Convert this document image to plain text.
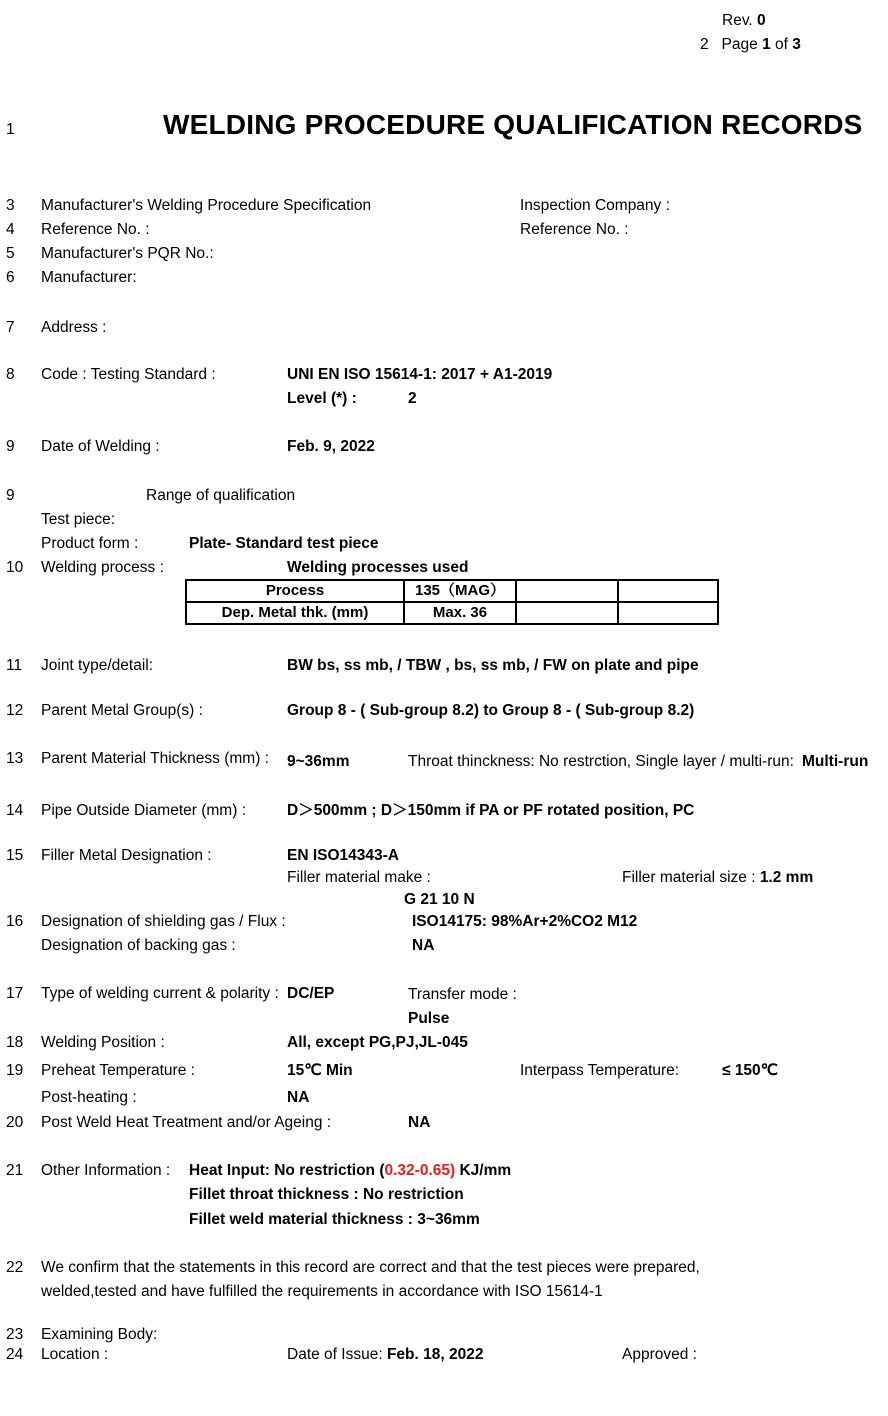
Rev. 0
2 Page 1 of 3
1	WELDING PROCEDURE QUALIFICATION RECORDS
3
4
5
6
7
8
9
9
10
11
12
13
14
15
16
17
18
19
20
21
22
23
24
Manufacturer's Welding Procedure Specification	Inspection Company :
Reference No. :	Reference No. :
Manufacturer's PQR No.:
Manufacturer:
Address :
Code : Testing Standard :	UNI EN ISO 15614-1: 2017 + A1-2019
Level (*) :	2
Date of Welding :	Feb. 9, 2022
Range of qualification
Test piece:
Product form :	Plate- Standard test piece
Welding process :	Welding processes used
Process	135（MAG）		
Dep. Metal thk. (mm)	Max. 36		
Joint type/detail:	BW bs, ss mb, / TBW , bs, ss mb, / FW on plate and pipe
Parent Metal Group(s) :	Group 8 - ( Sub-group 8.2) to Group 8 - ( Sub-group 8.2)
Parent Material Thickness (mm) : 9~36mm	Throat thinckness: No restrction, Single layer / multi-run: Multi-run
Pipe Outside Diameter (mm) :	D＞500mm ; D＞150mm if PA or PF rotated position, PC
Filler Metal Designation :	EN ISO14343-A
Filler material make :	Filler material size : 1.2 mm
G 21 10 N
Designation of shielding gas / Flux :	ISO14175: 98%Ar+2%CO2 M12
Designation of backing gas :	NA
Type of welding current & polarity : DC/EP	Transfer mode :
Pulse
Welding Position :	All, except PG,PJ,JL-045
Preheat Temperature :	15℃ Min	Interpass Temperature:	≤ 150℃
Post-heating :	NA
Post Weld Heat Treatment and/or Ageing :	NA
Other Information : Heat Input: No restriction (0.32-0.65) KJ/mm
Fillet throat thickness : No restriction
Fillet weld material thickness : 3~36mm
We confirm that the statements in this record are correct and that the test pieces were prepared,
welded,tested and have fulfilled the requirements in accordance with ISO 15614-1
Examining Body:
Location :	Date of Issue: Feb. 18, 2022	Approved :
